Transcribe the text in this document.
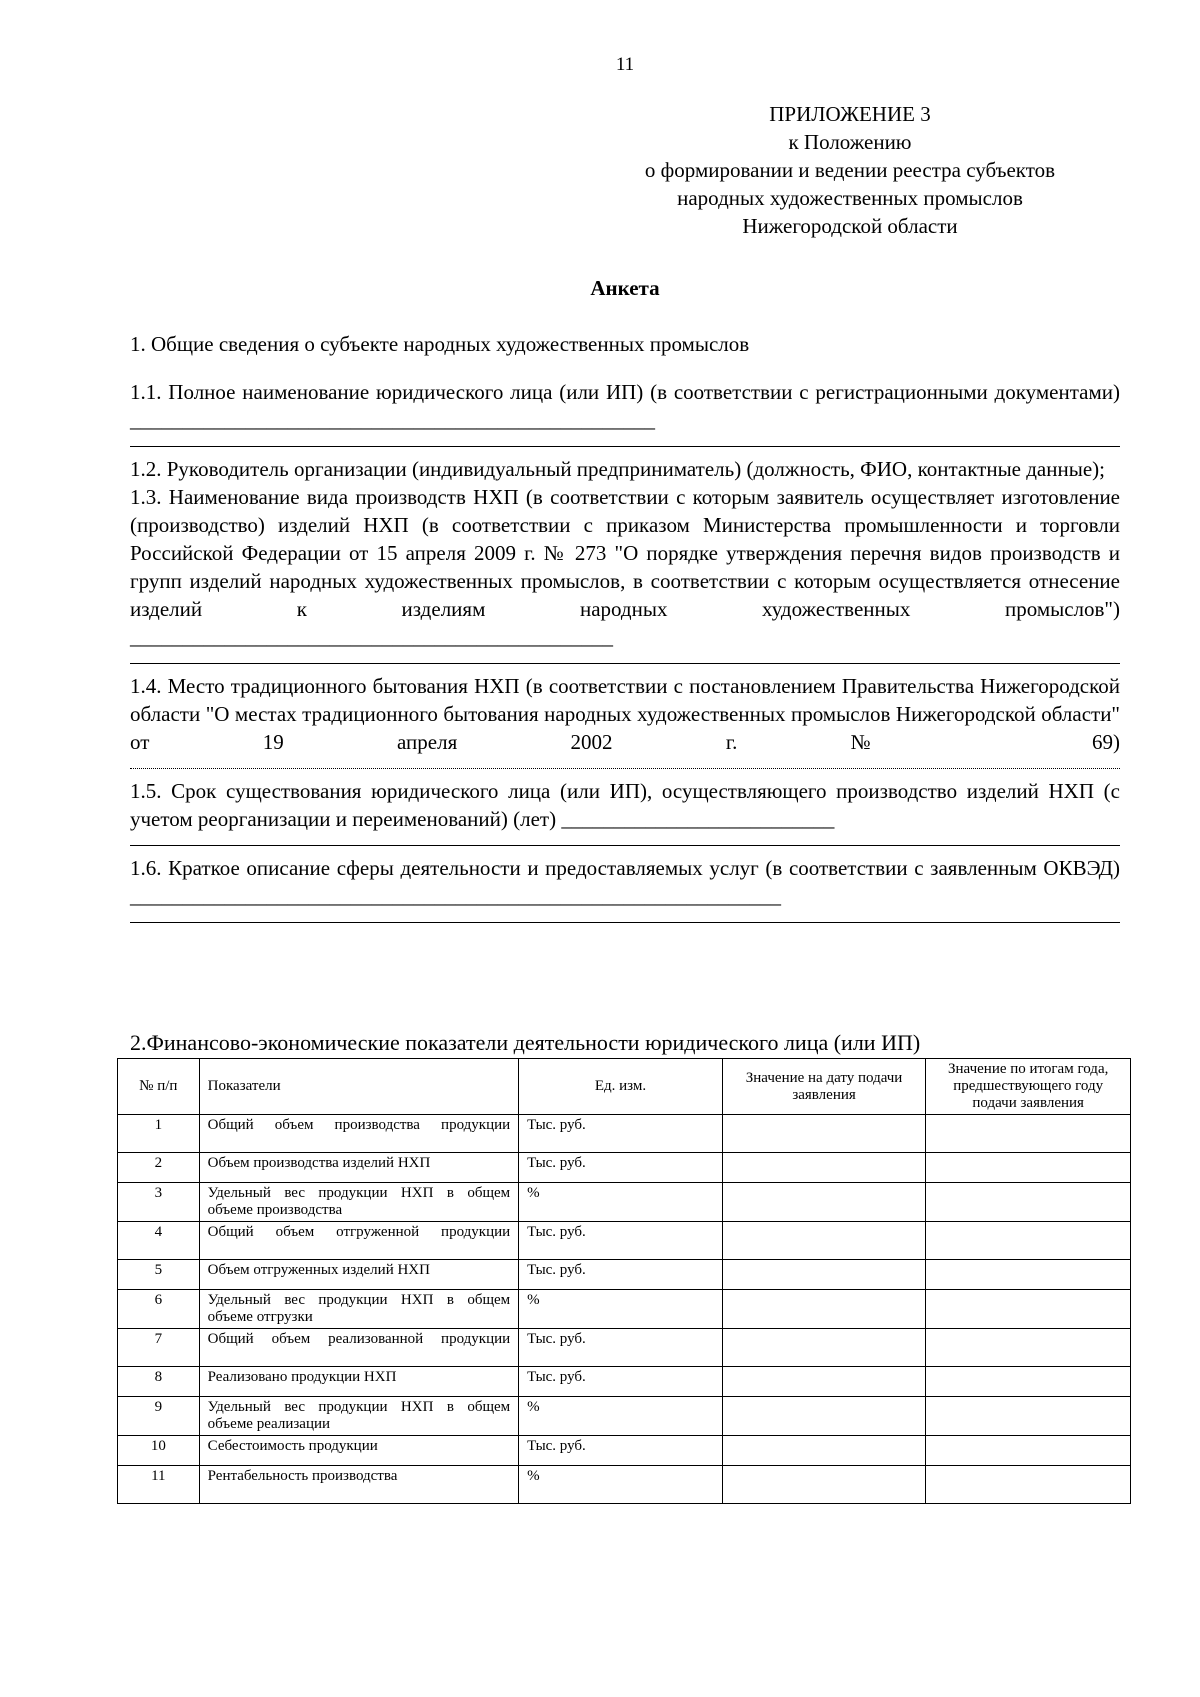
11
ПРИЛОЖЕНИЕ 3
к Положению
о формировании и ведении реестра субъектов
народных художественных промыслов
Нижегородской области
Анкета

1. Общие сведения о субъекте народных художественных промыслов

1.1. Полное наименование юридического лица (или ИП) (в соответствии с регистрационными документами) __________________________________________________

1.2. Руководитель организации (индивидуальный предприниматель) (должность, ФИО, контактные данные);

1.3. Наименование вида производств НХП (в соответствии с которым заявитель осуществляет изготовление (производство) изделий НХП (в соответствии с приказом Министерства промышленности и торговли Российской Федерации от 15 апреля 2009 г. № 273 "О порядке утверждения перечня видов производств и групп изделий народных художественных промыслов, в соответствии с которым осуществляется отнесение изделий к изделиям народных художественных промыслов") ______________________________________________

1.4. Место традиционного бытования НХП (в соответствии с постановлением Правительства Нижегородской области "О местах традиционного бытования народных художественных промыслов Нижегородской области" от 19 апреля 2002 г. № 69)

1.5. Срок существования юридического лица (или ИП), осуществляющего производство изделий НХП (с учетом реорганизации и переименований) (лет) __________________________

1.6. Краткое описание сферы деятельности и предоставляемых услуг (в соответствии с заявленным ОКВЭД) ______________________________________________________________

2.Финансово-экономические показатели деятельности юридического лица (или ИП)
№ п/п	Показатели	Ед. изм.	Значение на дату подачи заявления	Значение по итогам года, предшествующего году подачи заявления
1	Общий объем производства продукции	Тыс. руб.		
2	Объем производства изделий НХП	Тыс. руб.		
3	Удельный вес продукции НХП в общем объеме производства	%		
4	Общий объем отгруженной продукции	Тыс. руб.		
5	Объем отгруженных изделий НХП	Тыс. руб.		
6	Удельный вес продукции НХП в общем объеме отгрузки	%		
7	Общий объем реализованной продукции	Тыс. руб.		
8	Реализовано продукции НХП	Тыс. руб.		
9	Удельный вес продукции НХП в общем объеме реализации	%		
10	Себестоимость продукции	Тыс. руб.		
11	Рентабельность производства	%		
